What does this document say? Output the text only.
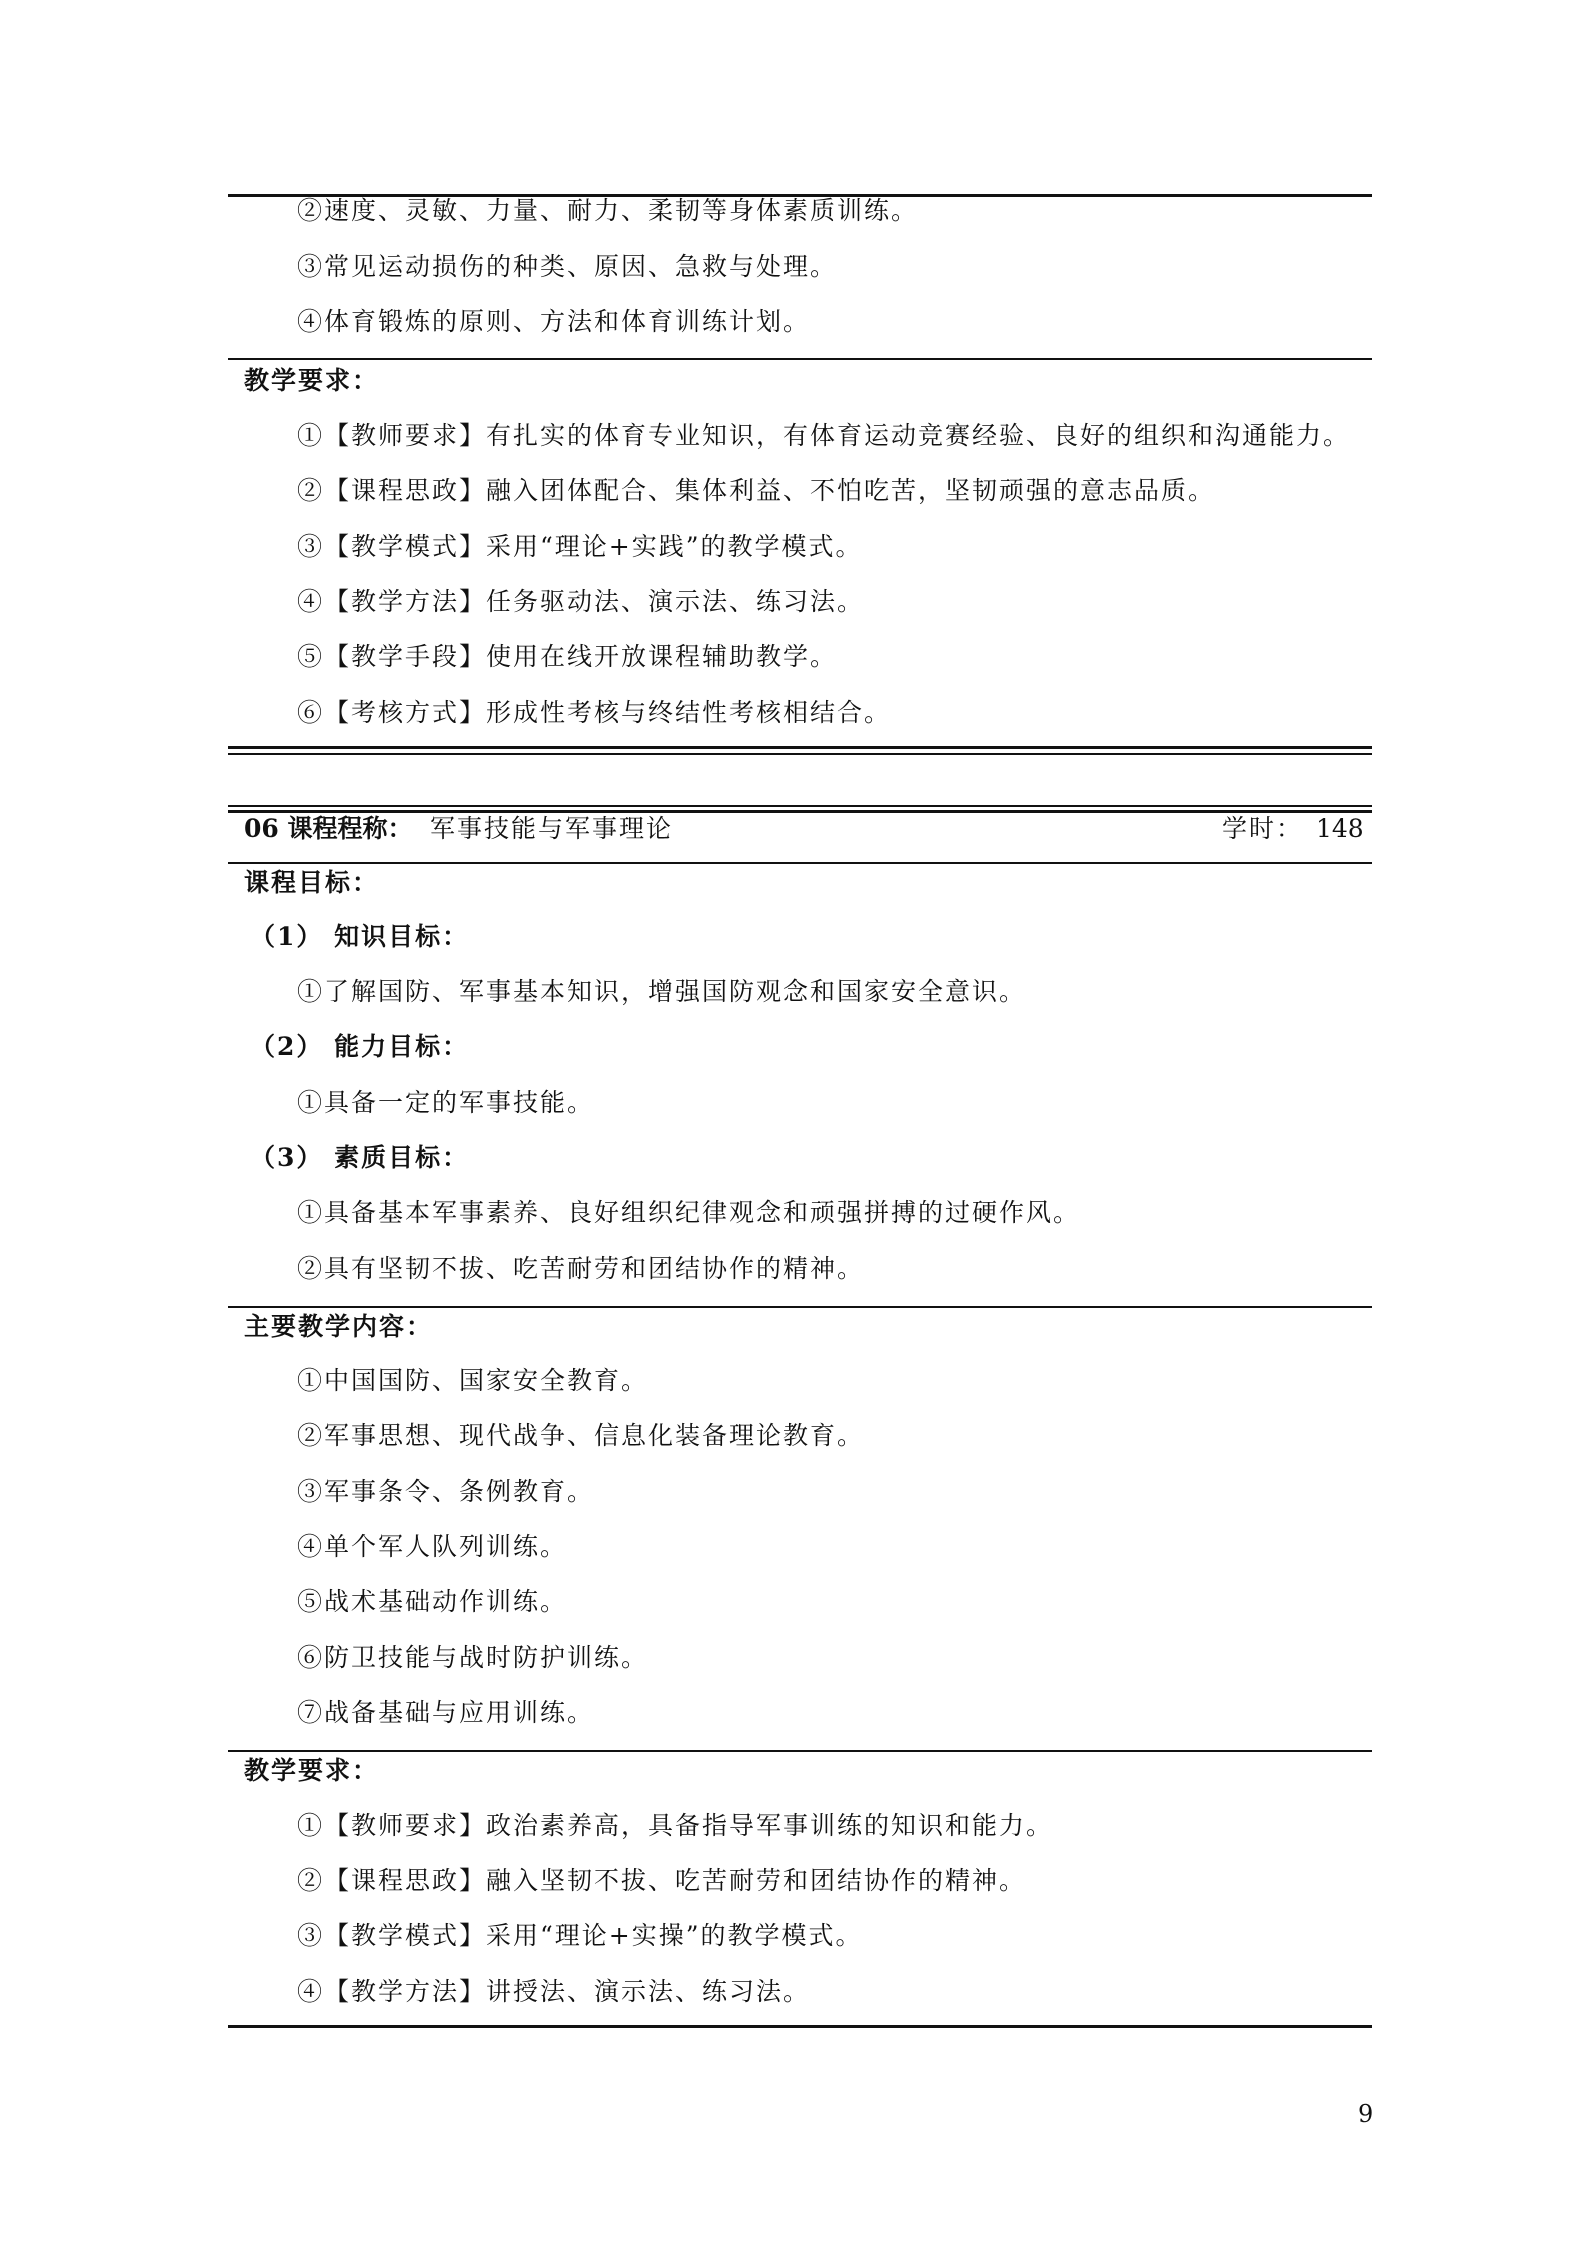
②速度、灵敏、力量、耐力、柔韧等身体素质训练。
③常见运动损伤的种类、原因、急救与处理。
④体育锻炼的原则、方法和体育训练计划。
教学要求：
①【教师要求】有扎实的体育专业知识，有体育运动竞赛经验、良好的组织和沟通能力。
②【课程思政】融入团体配合、集体利益、不怕吃苦，坚韧顽强的意志品质。
③【教学模式】采用“理论+实践”的教学模式。
④【教学方法】任务驱动法、演示法、练习法。
⑤【教学手段】使用在线开放课程辅助教学。
⑥【考核方式】形成性考核与终结性考核相结合。
06 课程程称： 军事技能与军事理论	学时： 148
课程目标：
（1） 知识目标：
①了解国防、军事基本知识，增强国防观念和国家安全意识。
（2） 能力目标：
①具备一定的军事技能。
（3） 素质目标：
①具备基本军事素养、良好组织纪律观念和顽强拼搏的过硬作风。
②具有坚韧不拔、吃苦耐劳和团结协作的精神。
主要教学内容：
①中国国防、国家安全教育。
②军事思想、现代战争、信息化装备理论教育。
③军事条令、条例教育。
④单个军人队列训练。
⑤战术基础动作训练。
⑥防卫技能与战时防护训练。
⑦战备基础与应用训练。
教学要求：
①【教师要求】政治素养高，具备指导军事训练的知识和能力。
②【课程思政】融入坚韧不拔、吃苦耐劳和团结协作的精神。
③【教学模式】采用“理论+实操”的教学模式。
④【教学方法】讲授法、演示法、练习法。
9
